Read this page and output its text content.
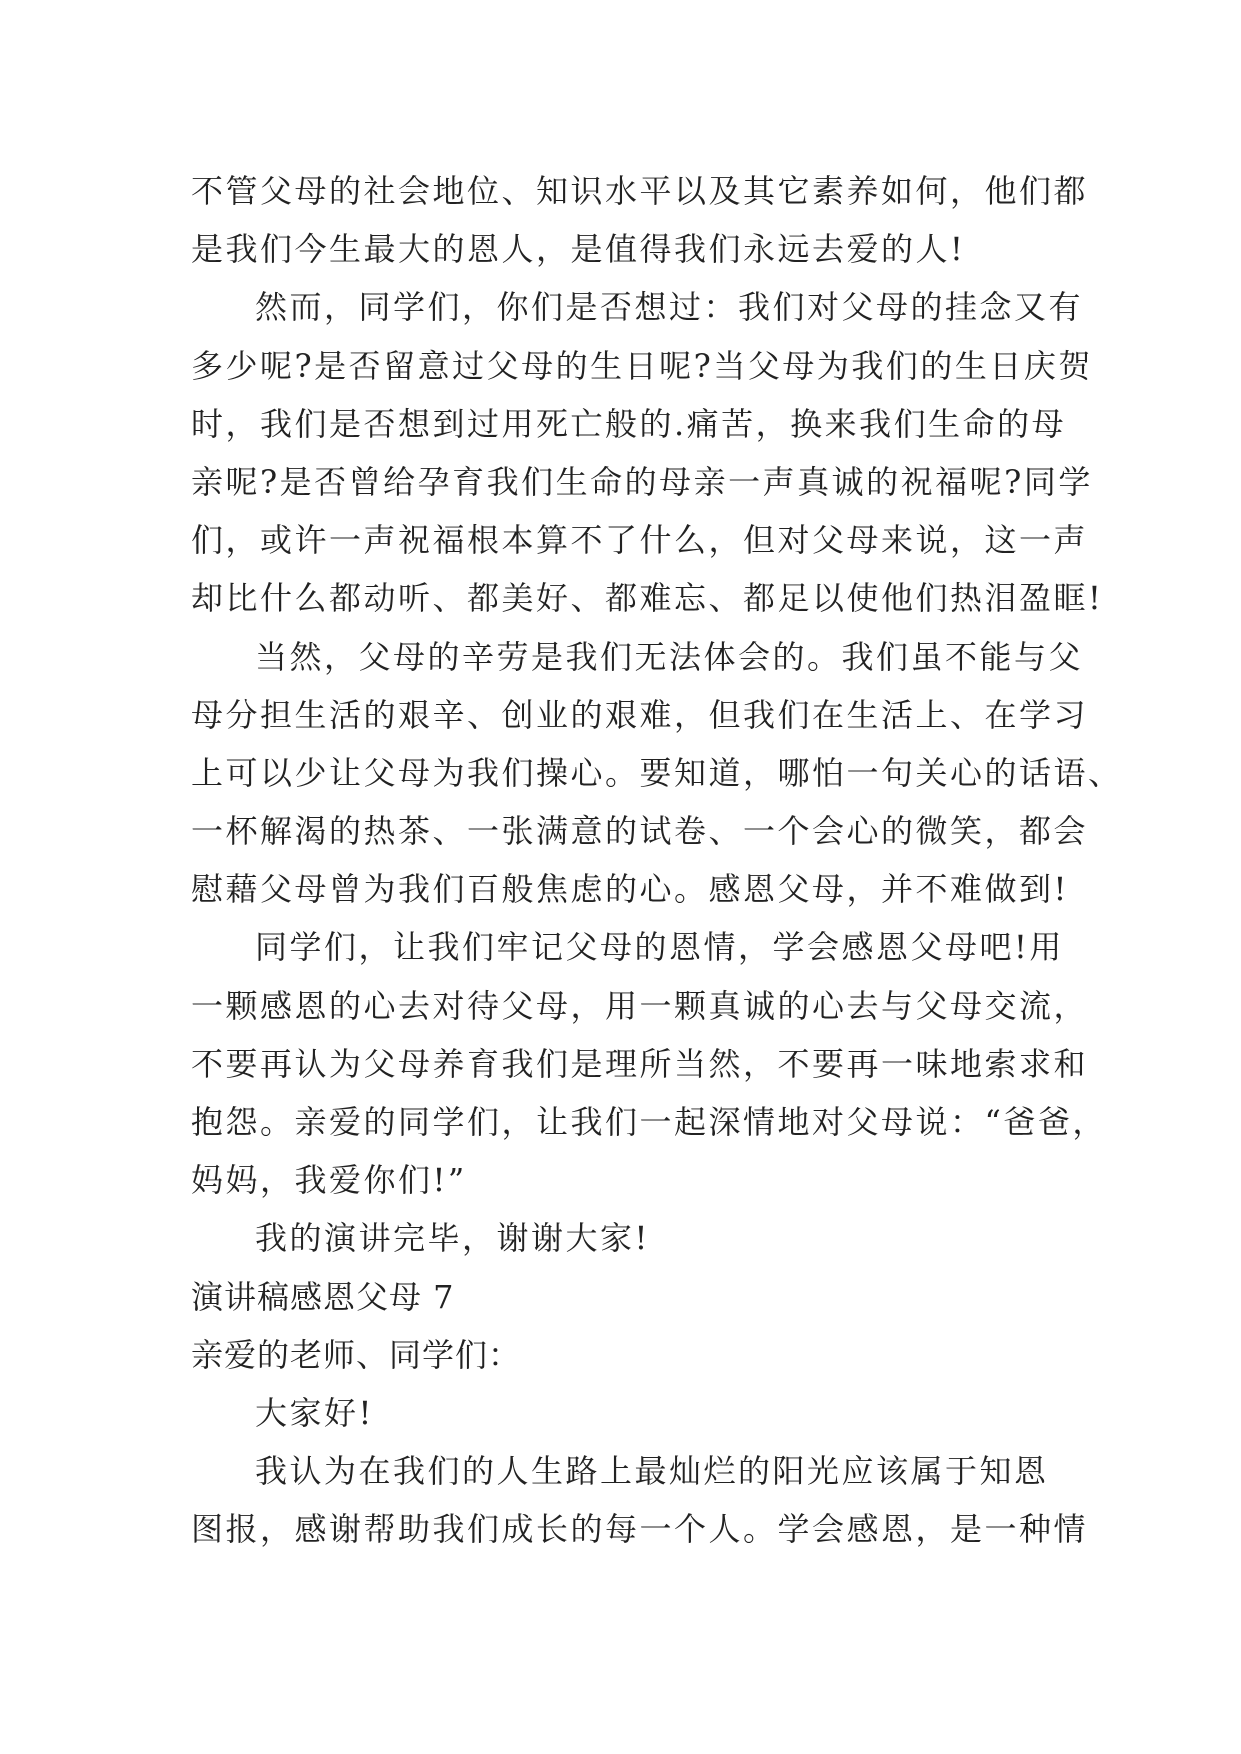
不管父母的社会地位、知识水平以及其它素养如何，他们都
是我们今生最大的恩人，是值得我们永远去爱的人!
然而，同学们，你们是否想过：我们对父母的挂念又有
多少呢?是否留意过父母的生日呢?当父母为我们的生日庆贺
时，我们是否想到过用死亡般的.痛苦，换来我们生命的母
亲呢?是否曾给孕育我们生命的母亲一声真诚的祝福呢?同学
们，或许一声祝福根本算不了什么，但对父母来说，这一声
却比什么都动听、都美好、都难忘、都足以使他们热泪盈眶!
当然，父母的辛劳是我们无法体会的。我们虽不能与父
母分担生活的艰辛、创业的艰难，但我们在生活上、在学习
上可以少让父母为我们操心。要知道，哪怕一句关心的话语、
一杯解渴的热茶、一张满意的试卷、一个会心的微笑，都会
慰藉父母曾为我们百般焦虑的心。感恩父母，并不难做到!
同学们，让我们牢记父母的恩情，学会感恩父母吧!用
一颗感恩的心去对待父母，用一颗真诚的心去与父母交流，
不要再认为父母养育我们是理所当然，不要再一味地索求和
抱怨。亲爱的同学们，让我们一起深情地对父母说：“爸爸，
妈妈，我爱你们!”
我的演讲完毕，谢谢大家!
演讲稿感恩父母 7
亲爱的老师、同学们：
大家好!
我认为在我们的人生路上最灿烂的阳光应该属于知恩
图报，感谢帮助我们成长的每一个人。学会感恩，是一种情
